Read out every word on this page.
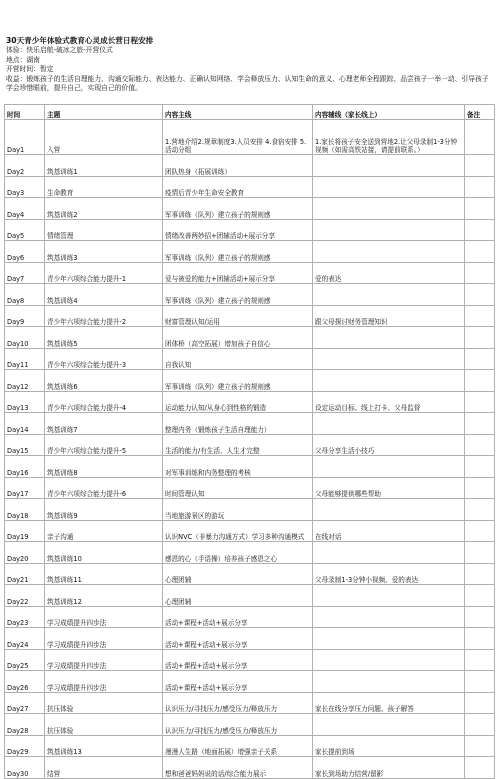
30天青少年体验式教育心灵成长营日程安排

体验：快乐启航-破冰之旅-开营仪式

地点：湖南

开营时间：暂定

收益：锻炼孩子的生活自理能力、沟通交际能力、表达能力、正确认知网络、学会释放压力、认知生命的意义、心理老师全程跟踪、品尝孩子一举一动、引导孩子学会珍惜眼前，提升自己，实现自己的价值。

时间	主题	内容主线	内容辅线（家长线上）	备注
Day1	入营	1.营地介绍2.规章制度3.人员安排 4.食宿安排 5.活动分组	1.家长将孩子安全送到营地2.让父母录制1-3分钟视频（如需高铁站接，请提前联系。）	
Day2	筑基训练1	团队热身（拓展训练）		
Day3	生命教育	疫情后青少年生命安全教育		
Day4	筑基训练2	军事训练（队列）建立孩子的规则感		
Day5	情绪管理	情绪改善两妙招+团辅活动+展示分享		
Day6	筑基训练3	军事训练（队列）建立孩子的规则感		
Day7	青少年六项综合能力提升-1	爱与被爱的能力+团辅活动+展示分享	爱的表达	
Day8	筑基训练4	军事训练（队列）建立孩子的规则感		
Day9	青少年六项综合能力提升-2	财富管理认知/运用	跟父母探讨财务管理知识	
Day10	筑基训练5	团体桥（高空拓展）增加孩子自信心		
Day11	青少年六项综合能力提升-3	自我认知		
Day12	筑基训练6	军事训练（队列）建立孩子的规则感		
Day13	青少年六项综合能力提升-4	运动能力认知/从身心到性格的锻造	设定运动目标、线上打卡、父母监督	
Day14	筑基训练7	整理内务（锻炼孩子生活自理能力）		
Day15	青少年六项综合能力提升-5	生活的能力/有生活、人生才完整	父母分享生活小技巧	
Day16	筑基训练8	对军事训练和内务整理的考核		
Day17	青少年六项综合能力提升-6	时间管理认知	父母能够提供哪些帮助	
Day18	筑基训练9	当地旅游景区的游玩		
Day19	亲子沟通	认识NVC（非暴力沟通方式）学习多种沟通模式	在线对话	
Day20	筑基训练10	感恩的心（手语操）培养孩子感恩之心		
Day21	筑基训练11	心理团辅	父母录制1-3分钟小视频、爱的表达	
Day22	筑基训练12	心理团辅		
Day23	学习成绩提升四步法	活动+课程+活动+展示分享		
Day24	学习成绩提升四步法	活动+课程+活动+展示分享		
Day25	学习成绩提升四步法	活动+课程+活动+展示分享		
Day26	学习成绩提升四步法	活动+课程+活动+展示分享		
Day27	抗压体验	认识压力/寻找压力/感受压力/释放压力	家长在线分享压力问题、孩子解答	
Day28	抗压体验	认识压力/寻找压力/感受压力/释放压力		
Day29	筑基训练13	漫漫人生路（地面拓展）增强亲子关系	家长提前到场	
Day30	结营	想和爸爸妈妈说的话/综合能力展示	家长到场助力结营/留影	
